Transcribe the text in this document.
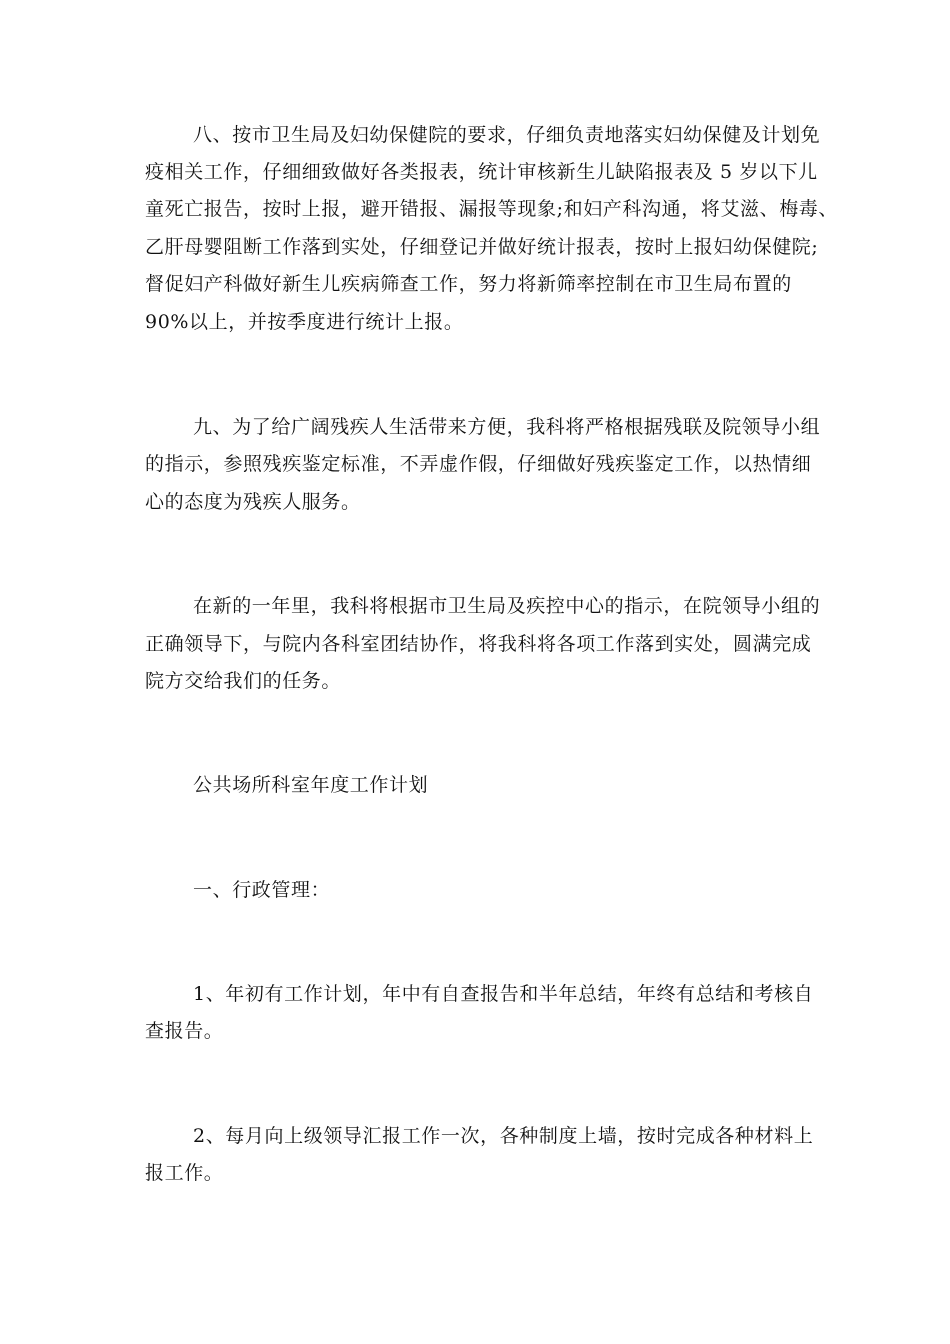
八、按市卫生局及妇幼保健院的要求，仔细负责地落实妇幼保健及计划免

疫相关工作，仔细细致做好各类报表，统计审核新生儿缺陷报表及 5 岁以下儿

童死亡报告，按时上报，避开错报、漏报等现象;和妇产科沟通，将艾滋、梅毒、

乙肝母婴阻断工作落到实处，仔细登记并做好统计报表，按时上报妇幼保健院;

督促妇产科做好新生儿疾病筛查工作，努力将新筛率控制在市卫生局布置的

90%以上，并按季度进行统计上报。

九、为了给广阔残疾人生活带来方便，我科将严格根据残联及院领导小组

的指示，参照残疾鉴定标准，不弄虚作假，仔细做好残疾鉴定工作，以热情细

心的态度为残疾人服务。

在新的一年里，我科将根据市卫生局及疾控中心的指示，在院领导小组的

正确领导下，与院内各科室团结协作，将我科将各项工作落到实处，圆满完成

院方交给我们的任务。

公共场所科室年度工作计划

一、行政管理：

1、年初有工作计划，年中有自查报告和半年总结，年终有总结和考核自

查报告。

2、每月向上级领导汇报工作一次，各种制度上墙，按时完成各种材料上

报工作。
